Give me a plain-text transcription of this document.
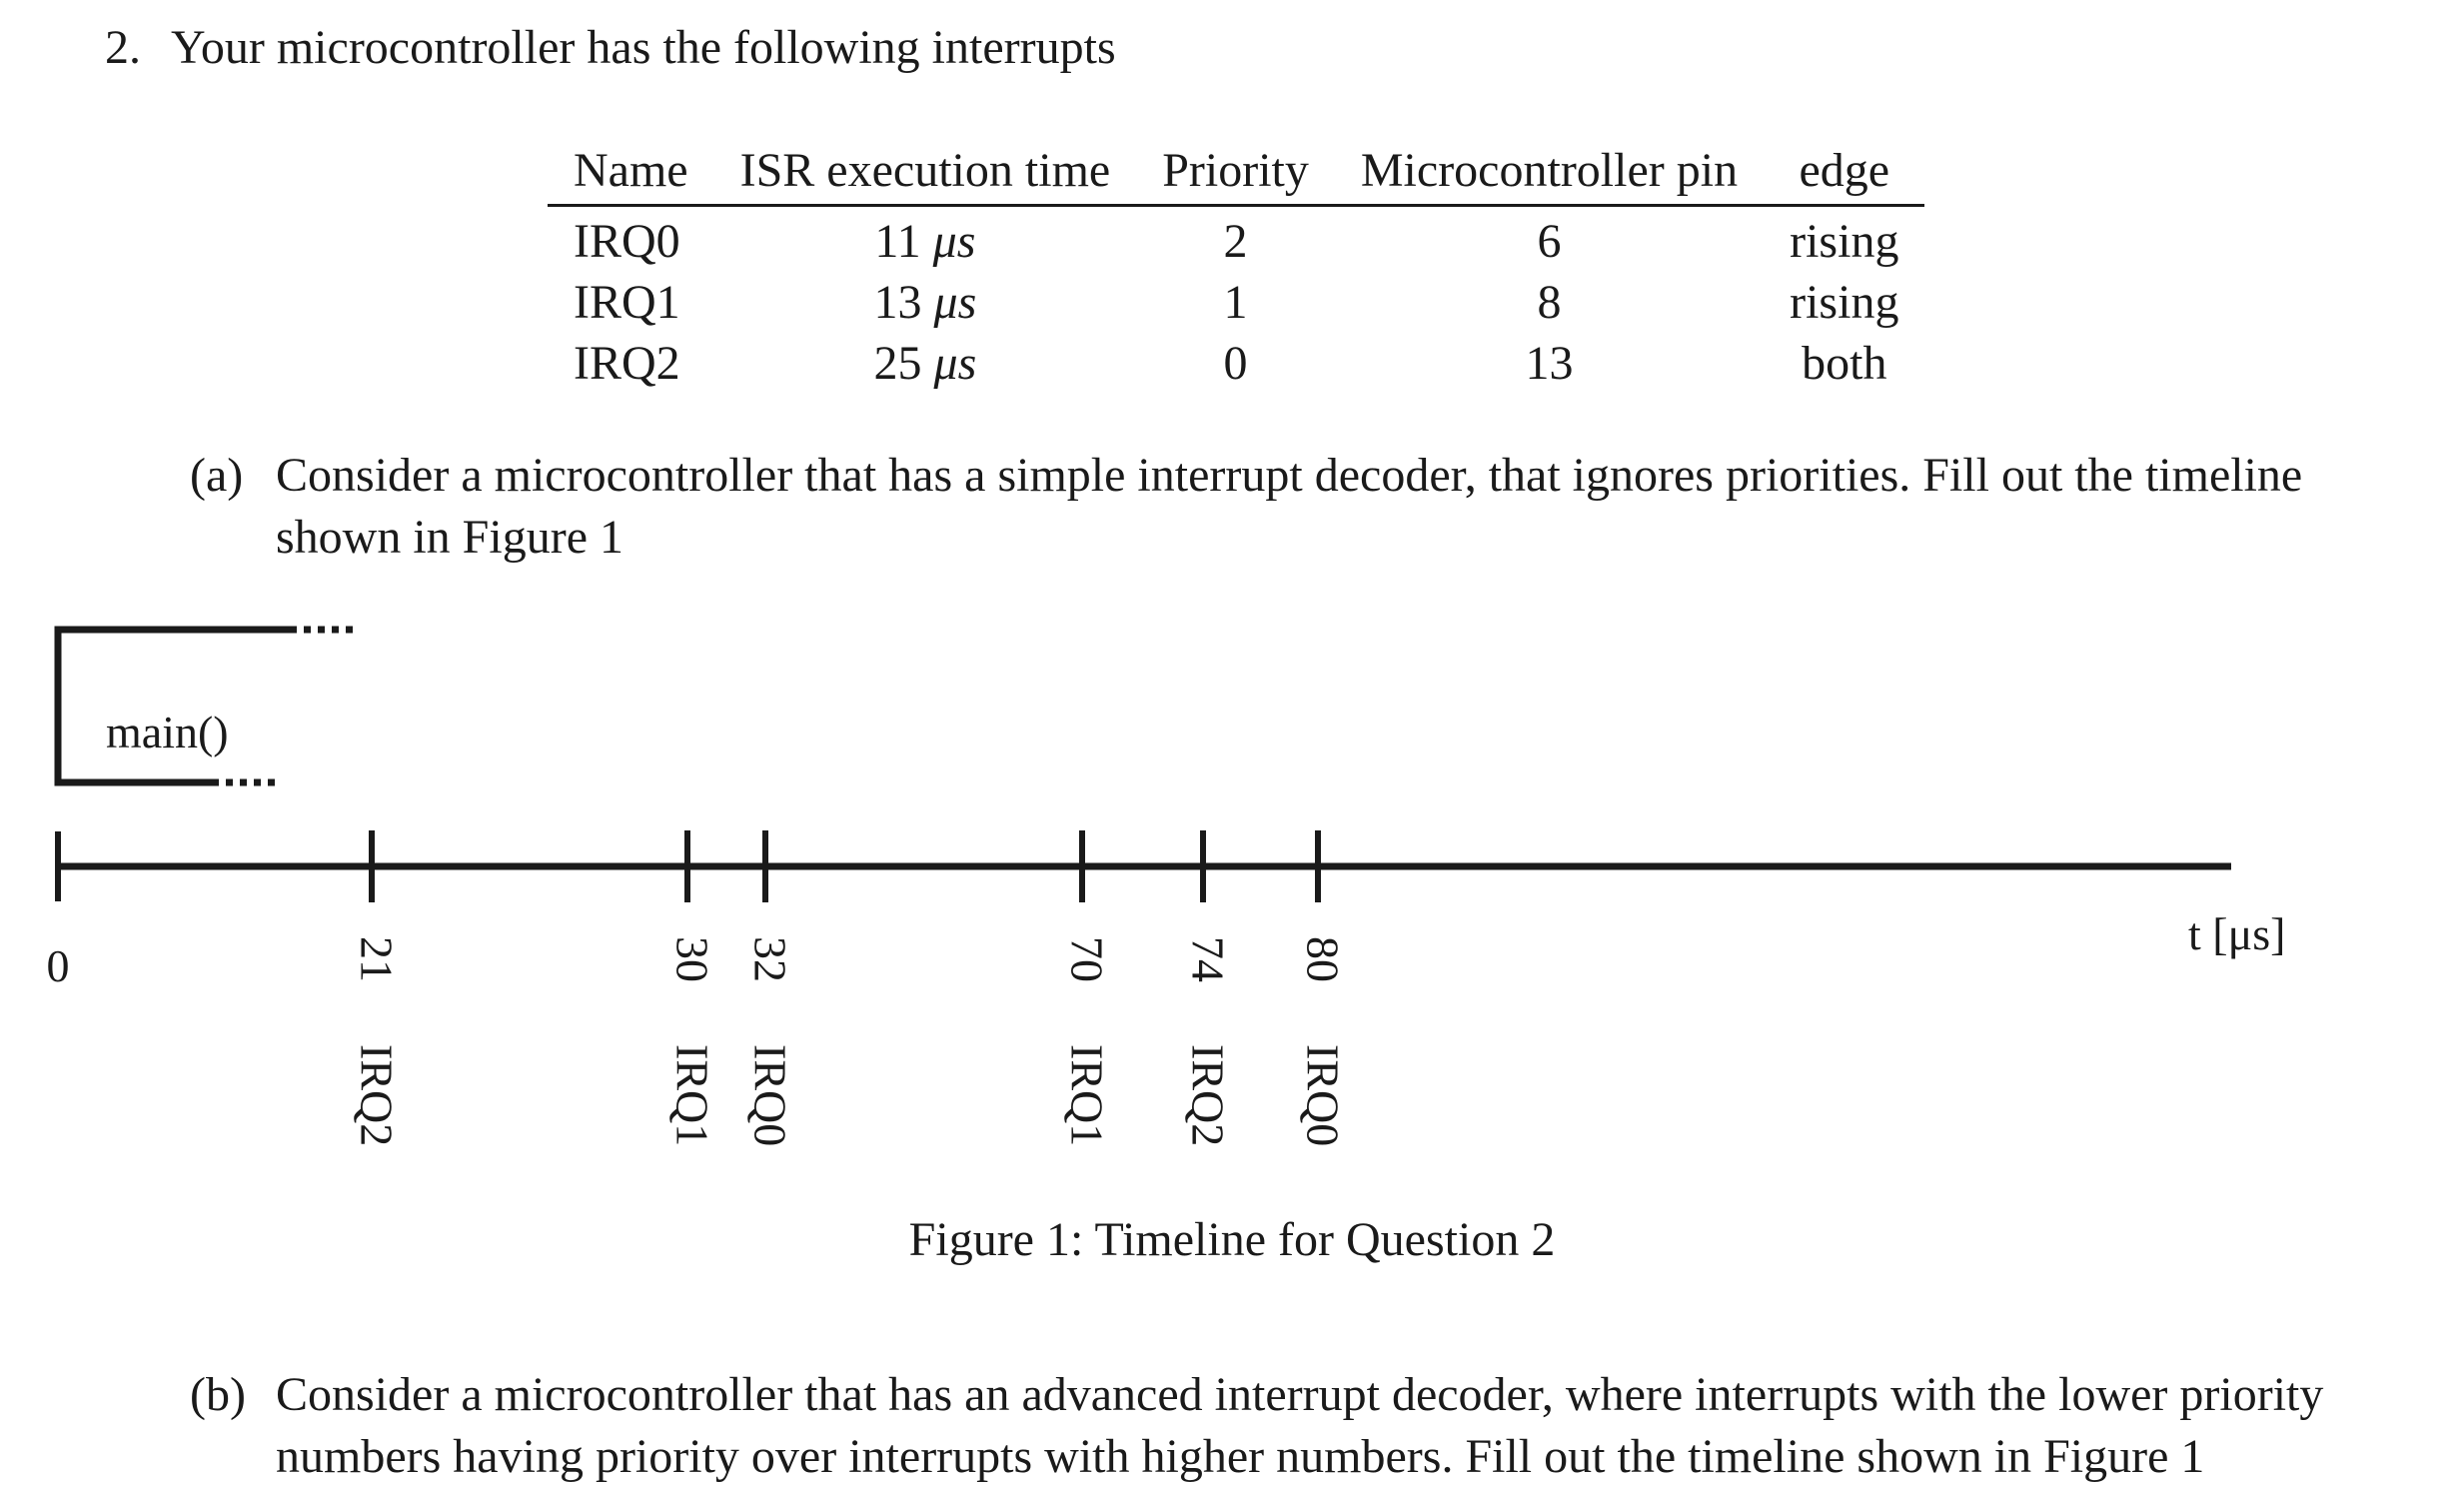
2. Your microcontroller has the following interrupts
Name	ISR execution time	Priority	Microcontroller pin	edge
IRQ0	11 μs	2	6	rising
IRQ1	13 μs	1	8	rising
IRQ2	25 μs	0	13	both
(a) Consider a microcontroller that has a simple interrupt decoder, that ignores priorities. Fill out the timeline shown in Figure 1
main()
0
t [μs]
21
IRQ2
30
IRQ1
32
IRQ0
70
IRQ1
74
IRQ2
80
IRQ0
Figure 1: Timeline for Question 2
(b) Consider a microcontroller that has an advanced interrupt decoder, where interrupts with the lower priority numbers having priority over interrupts with higher numbers. Fill out the timeline shown in Figure 1
